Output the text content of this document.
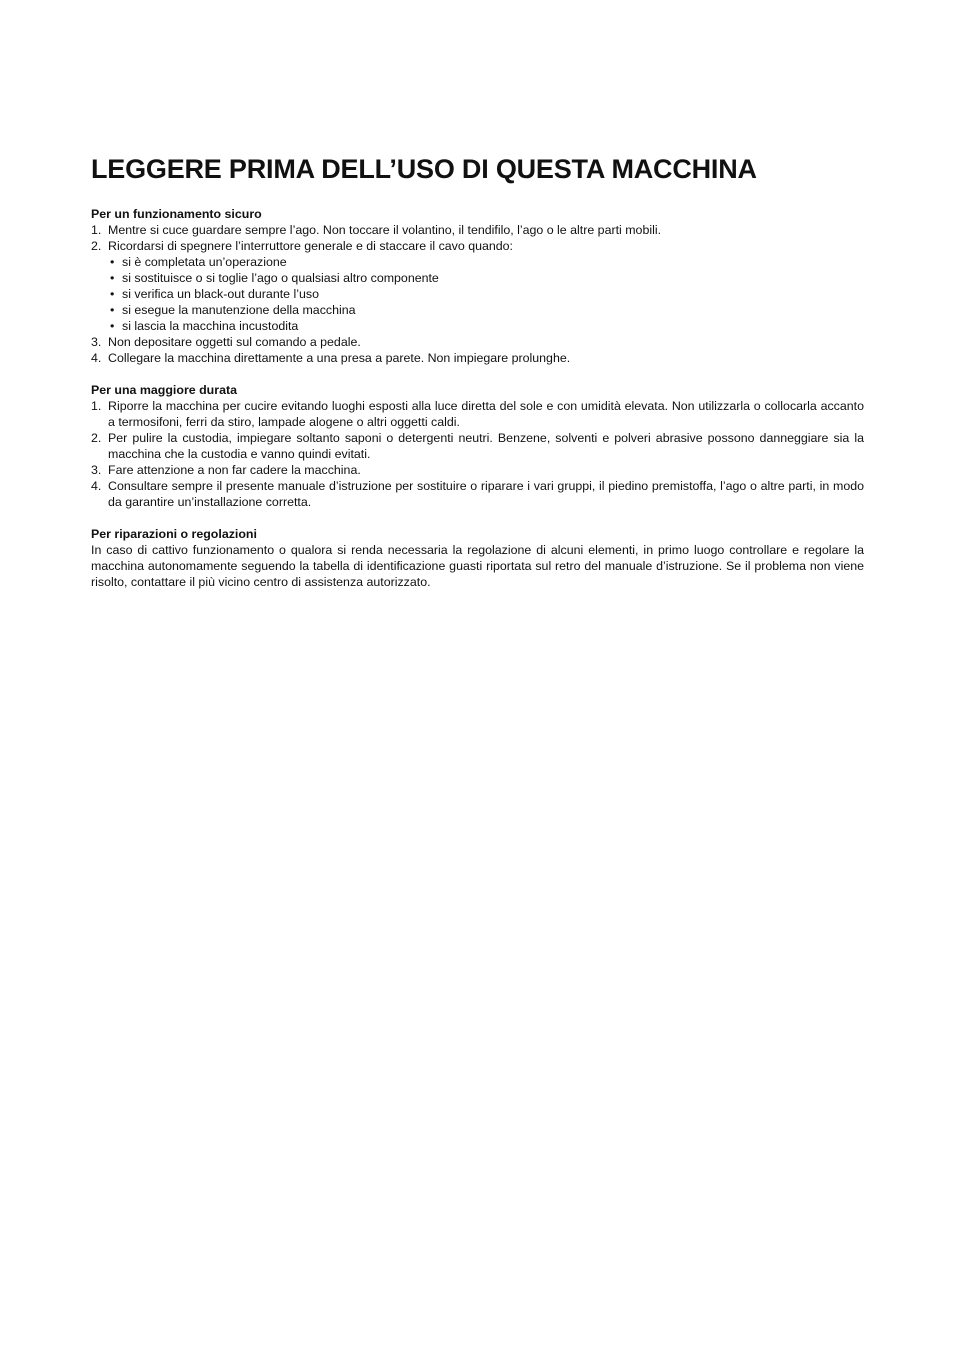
LEGGERE PRIMA DELL’USO DI QUESTA MACCHINA

Per un funzionamento sicuro

1. Mentre si cuce guardare sempre l’ago. Non toccare il volantino, il tendifilo, l’ago o le altre parti mobili.
2. Ricordarsi di spegnere l’interruttore generale e di staccare il cavo quando:
• si è completata un’operazione
• si sostituisce o si toglie l’ago o qualsiasi altro componente
• si verifica un black-out durante l’uso
• si esegue la manutenzione della macchina
• si lascia la macchina incustodita
3. Non depositare oggetti sul comando a pedale.
4. Collegare la macchina direttamente a una presa a parete. Non impiegare prolunghe.

Per una maggiore durata

1. Riporre la macchina per cucire evitando luoghi esposti alla luce diretta del sole e con umidità elevata. Non utilizzarla o collocarla accanto a termosifoni, ferri da stiro, lampade alogene o altri oggetti caldi.
2. Per pulire la custodia, impiegare soltanto saponi o detergenti neutri. Benzene, solventi e polveri abrasive possono danneggiare sia la macchina che la custodia e vanno quindi evitati.
3. Fare attenzione a non far cadere la macchina.
4. Consultare sempre il presente manuale d’istruzione per sostituire o riparare i vari gruppi, il piedino premistoffa, l’ago o altre parti, in modo da garantire un’installazione corretta.

Per riparazioni o regolazioni

In caso di cattivo funzionamento o qualora si renda necessaria la regolazione di alcuni elementi, in primo luogo controllare e regolare la macchina autonomamente seguendo la tabella di identificazione guasti riportata sul retro del manuale d’istruzione. Se il problema non viene risolto, contattare il più vicino centro di assistenza autorizzato.
